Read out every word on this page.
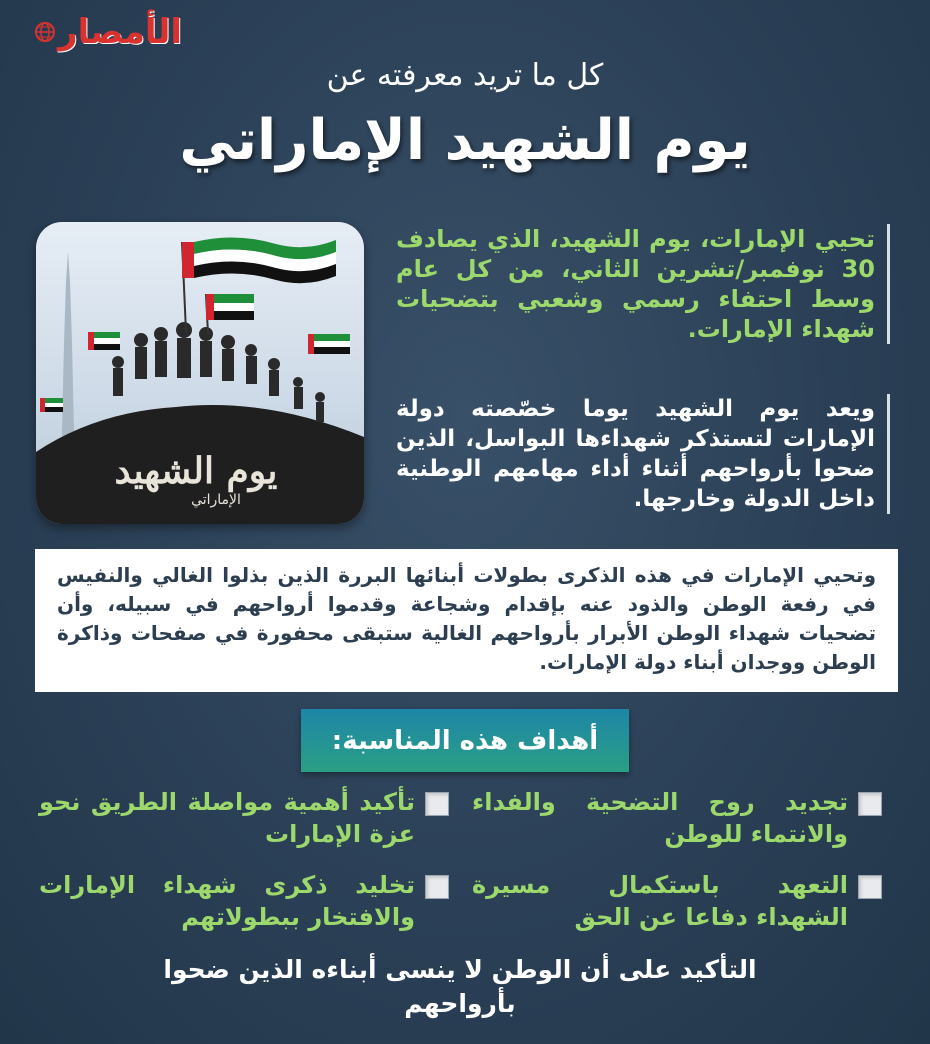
الأمصار
كل ما تريد معرفته عن
يوم الشهيد الإماراتي
يوم الشهيد
الإماراتي
تحيي الإمارات، يوم الشهيد، الذي يصادف 30 نوفمبر/تشرين الثاني، من كل عام وسط احتفاء رسمي وشعبي بتضحيات شهداء الإمارات.
ويعد يوم الشهيد يوما خصّصته دولة الإمارات لتستذكر شهداءها البواسل، الذين ضحوا بأرواحهم أثناء أداء مهامهم الوطنية داخل الدولة وخارجها.
وتحيي الإمارات في هذه الذكرى بطولات أبنائها البررة الذين بذلوا الغالي والنفيس في رفعة الوطن والذود عنه بإقدام وشجاعة وقدموا أرواحهم في سبيله، وأن تضحيات شهداء الوطن الأبرار بأرواحهم الغالية ستبقى محفورة في صفحات وذاكرة الوطن ووجدان أبناء دولة الإمارات.
أهداف هذه المناسبة:
تجديد روح التضحية والفداء والانتماء للوطن
تأكيد أهمية مواصلة الطريق نحو عزة الإمارات
التعهد باستكمال مسيرة الشهداء دفاعا عن الحق
تخليد ذكرى شهداء الإمارات والافتخار ببطولاتهم
التأكيد على أن الوطن لا ينسى أبناءه الذين ضحوا بأرواحهم
